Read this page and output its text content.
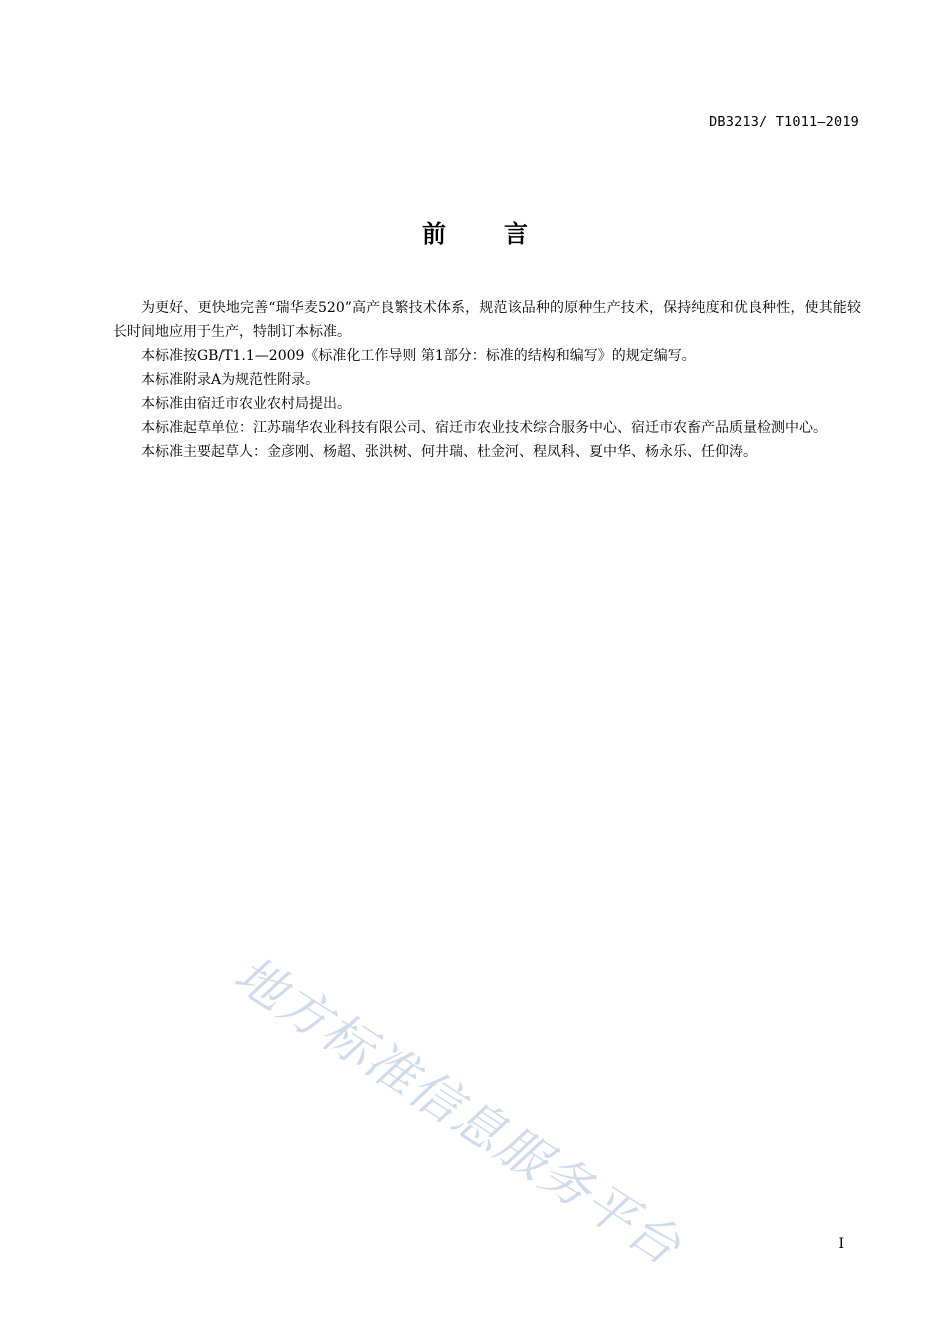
DB3213/ T1011—2019
前言

为更好、更快地完善“瑞华麦520”高产良繁技术体系，规范该品种的原种生产技术，保持纯度和优良种性，使其能较长时间地应用于生产，特制订本标准。

本标准按GB/T1.1—2009《标准化工作导则 第1部分：标准的结构和编写》的规定编写。

本标准附录A为规范性附录。

本标准由宿迁市农业农村局提出。

本标准起草单位：江苏瑞华农业科技有限公司、宿迁市农业技术综合服务中心、宿迁市农畜产品质量检测中心。

本标准主要起草人：金彦刚、杨超、张洪树、何井瑞、杜金河、程凤科、夏中华、杨永乐、任仰涛。

地方标准信息服务平台	I
